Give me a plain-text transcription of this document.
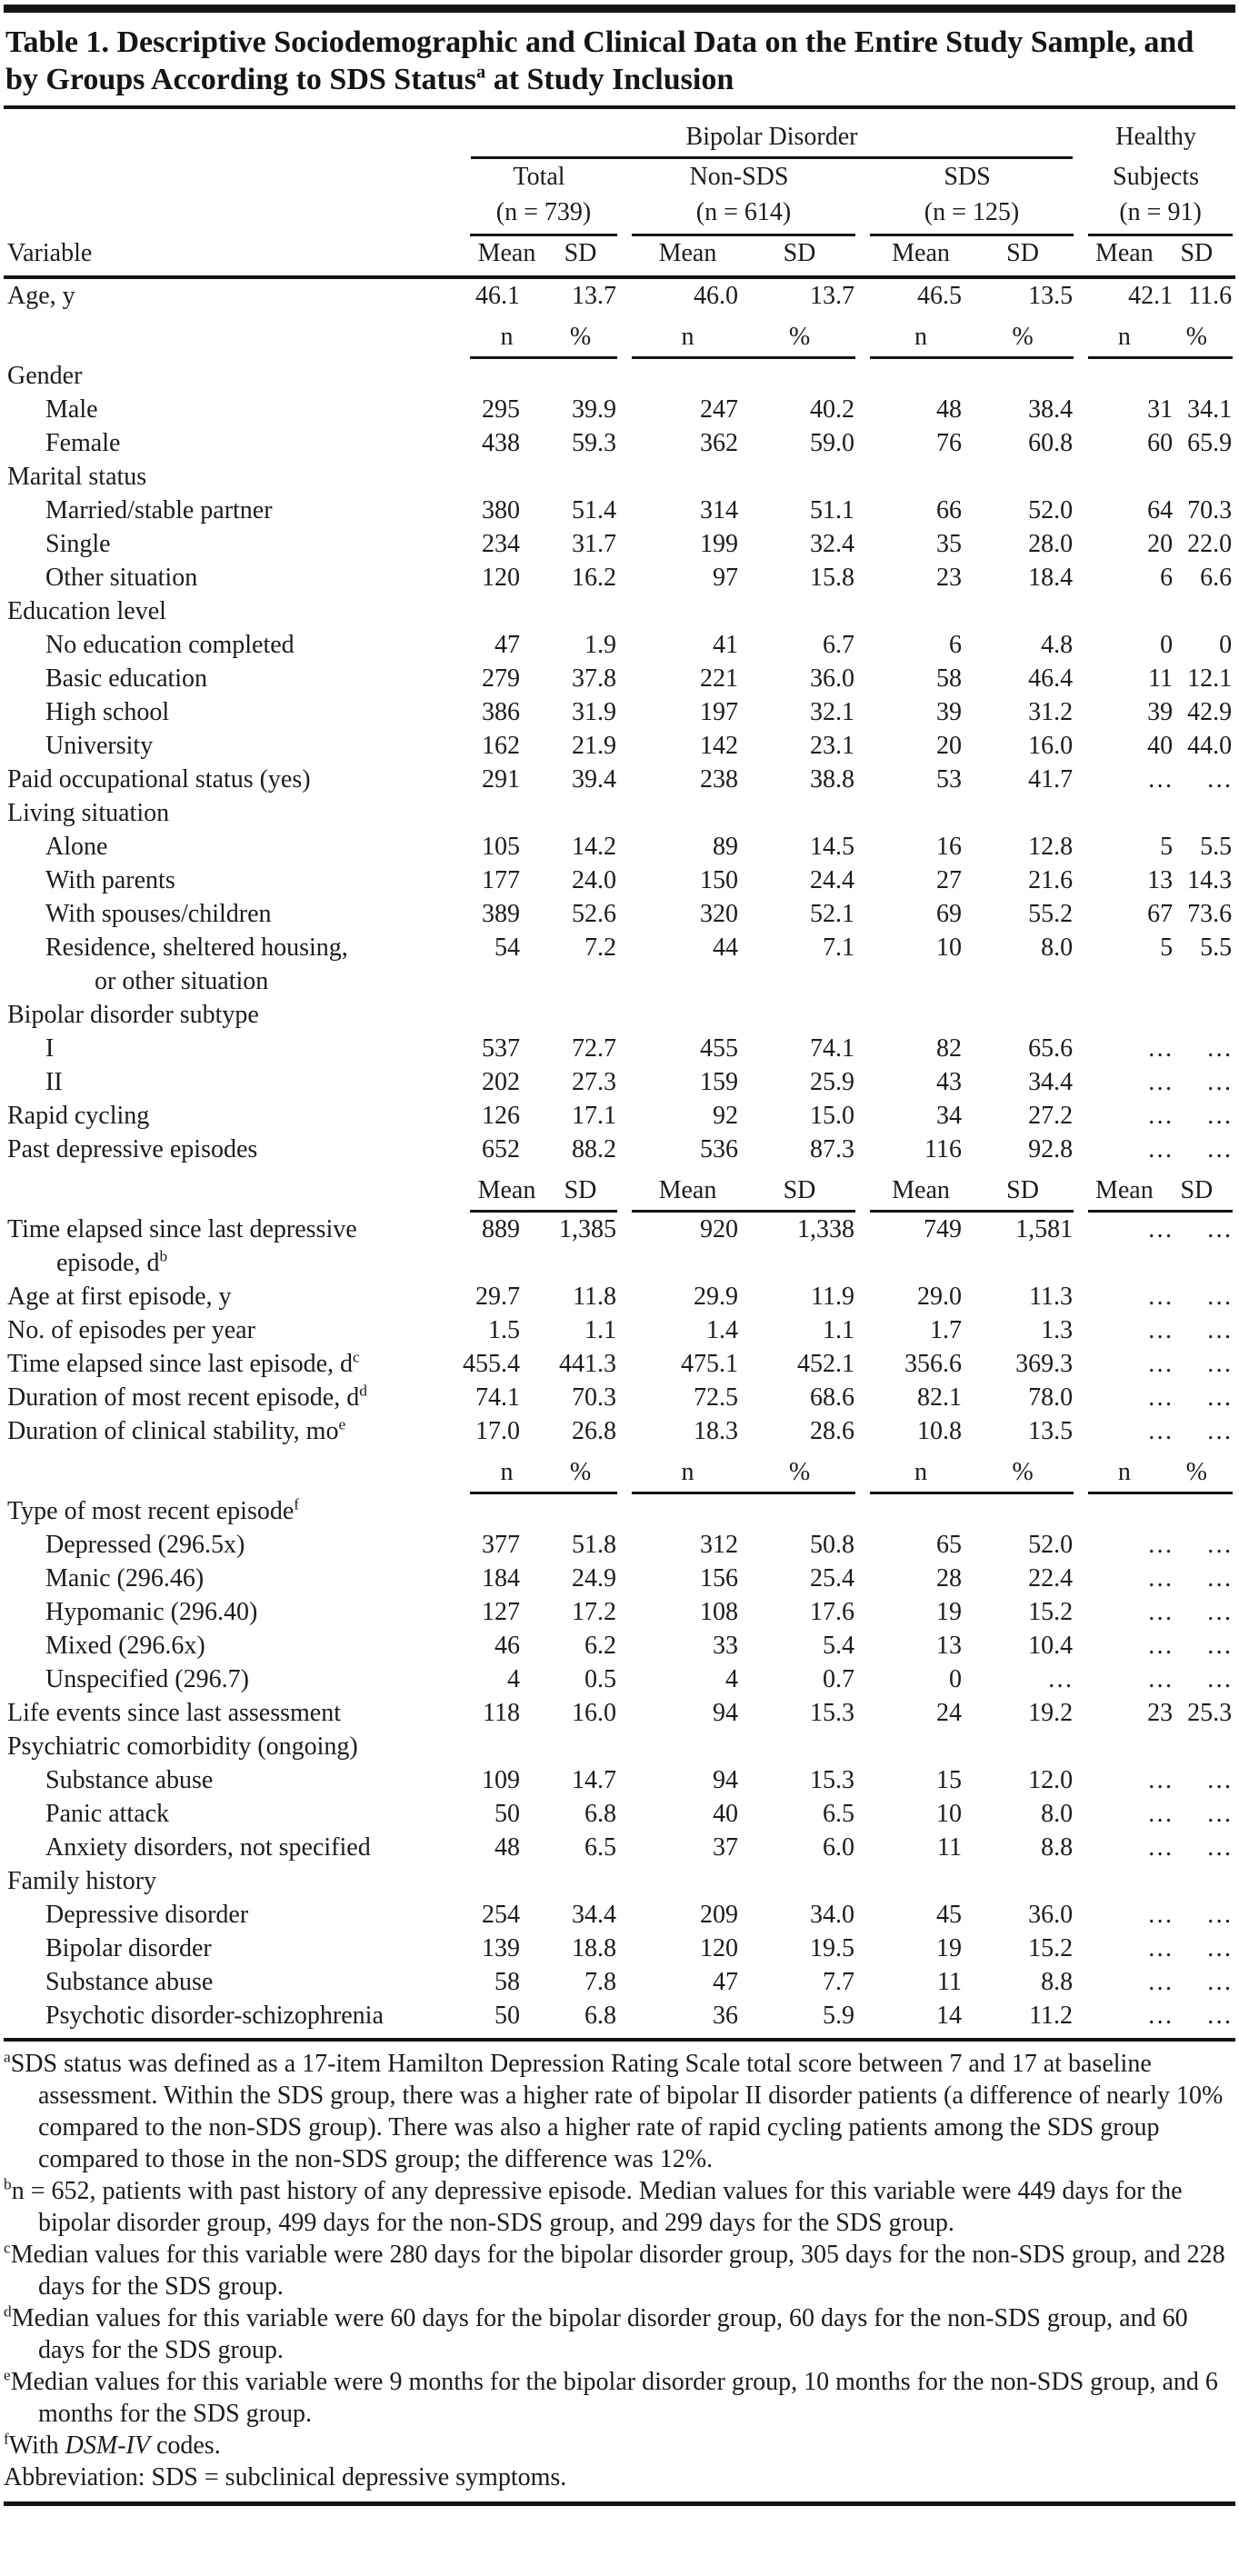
Table 1. Descriptive Sociodemographic and Clinical Data on the Entire Study Sample, and by Groups According to SDS Status$^a$ at Study Inclusion

	Bipolar Disorder						Healthy	

	Total		Non-SDS		SDS		Subjects	

	(n = 739)		(n = 614)		(n = 125)		(n = 91)	

Variable	Mean SD		Mean SD		Mean SD		Mean SD	

Age, y	46.1	13.7	46.0	13.7	46.5	13.5	42.1	11.6

	n %		n %		n %		n %	

Gender								

Male	295	39.9	247	40.2	48	38.4	31	34.1

Female	438	59.3	362	59.0	76	60.8	60	65.9
Marital status								

Married/stable partner	380	51.4	314	51.1	66	52.0	64	70.3

Single	234	31.7	199	32.4	35	28.0	20	22.0

Other situation	120	16.2	97	15.8	23	18.4	6	6.6
Education level								

No education completed	47	1.9	41	6.7	6	4.8	0	0

Basic education	279	37.8	221	36.0	58	46.4	11	12.1

High school	386	31.9	197	32.1	39	31.2	39	42.9

University	162	21.9	142	23.1	20	16.0	40	44.0

Paid occupational status (yes)	291	39.4	238	38.8	53	41.7	…	…
Living situation								

Alone	105	14.2	89	14.5	16	12.8	5	5.5

With parents	177	24.0	150	24.4	27	21.6	13	14.3

With spouses/children	389	52.6	320	52.1	69	55.2	67	73.6

Residence, sheltered housing,
or other situation	54	7.2	44	7.1	10	8.0	5	5.5
Bipolar disorder subtype								

I	537	72.7	455	74.1	82	65.6	…	…

II	202	27.3	159	25.9	43	34.4	…	…

Rapid cycling	126	17.1	92	15.0	34	27.2	…	…

Past depressive episodes	652	88.2	536	87.3	116	92.8	…	…

	Mean SD		Mean SD		Mean SD		Mean SD	

Time elapsed since last depressive
episode, $d^b$	889	1,385	920	1,338	749	1,581	…	…

Age at first episode, y	29.7	11.8	29.9	11.9	29.0	11.3	…	…

No. of episodes per year	1.5	1.1	1.4	1.1	1.7	1.3	…	…

Time elapsed since last episode, $d^c$	455.4	441.3	475.1	452.1	356.6	369.3	…	…

Duration of most recent episode, $d^d$	74.1	70.3	72.5	68.6	82.1	78.0	…	…

Duration of clinical stability, $mo^e$	17.0	26.8	18.3	28.6	10.8	13.5	…	…

	n %		n %		n %		n %	

Type of most recent episode$^f$

Depressed (296.5x)	377	51.8	312	50.8	65	52.0	…	…

Manic (296.46)	184	24.9	156	25.4	28	22.4	…	…

Hypomanic (296.40)	127	17.2	108	17.6	19	15.2	…	…

Mixed (296.6x)	46	6.2	33	5.4	13	10.4	…	…

Unspecified (296.7)	4	0.5	4	0.7	0	…	…	…

Life events since last assessment	118	16.0	94	15.3	24	19.2	23	25.3
Psychiatric comorbidity (ongoing)								

Substance abuse	109	14.7	94	15.3	15	12.0	…	…

Panic attack	50	6.8	40	6.5	10	8.0	…	…

Anxiety disorders, not specified	48	6.5	37	6.0	11	8.8	…	…
Family history								

Depressive disorder	254	34.4	209	34.0	45	36.0	…	…

Bipolar disorder	139	18.8	120	19.5	19	15.2	…	…

Substance abuse	58	7.8	47	7.7	11	8.8	…	…

Psychotic disorder-schizophrenia	50	6.8	36	5.9	14	11.2	…	…

$^a$SDS status was defined as a 17-item Hamilton Depression Rating Scale total score between 7 and 17 at baseline assessment. Within the SDS group, there was a higher rate of bipolar II disorder patients (a difference of nearly 10% compared to the non-SDS group). There was also a higher rate of rapid cycling patients among the SDS group compared to those in the non-SDS group; the difference was 12%.

$^b$n = 652, patients with past history of any depressive episode. Median values for this variable were 449 days for the bipolar disorder group, 499 days for the non-SDS group, and 299 days for the SDS group.

$^c$Median values for this variable were 280 days for the bipolar disorder group, 305 days for the non-SDS group, and 228 days for the SDS group.

$^d$Median values for this variable were 60 days for the bipolar disorder group, 60 days for the non-SDS group, and 60 days for the SDS group.

$^e$Median values for this variable were 9 months for the bipolar disorder group, 10 months for the non-SDS group, and 6 months for the SDS group.

$^f$With DSM-IV codes.

Abbreviation: SDS = subclinical depressive symptoms.
